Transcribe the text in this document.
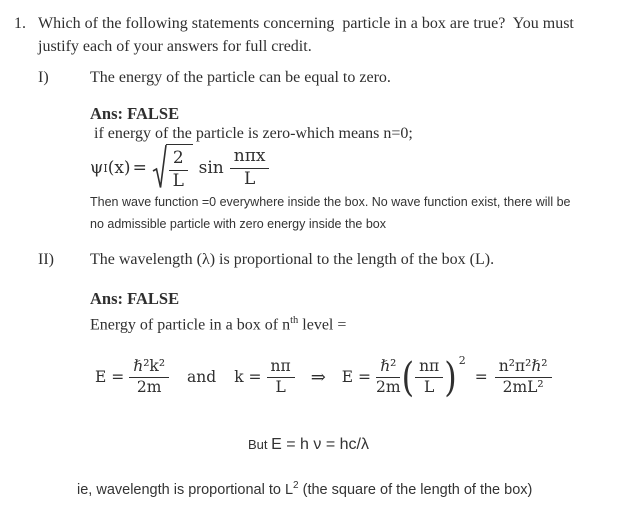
1. Which of the following statements concerning  particle in a box are true?  You must
justify each of your answers for full credit.
I)	The energy of the particle can be equal to zero.
Ans: FALSE
if energy of the particle is zero-which means n=0;
ψ I $(x) = \frac{2}{L}$ $\sin \frac{\text{nπx}}{L}$
Then wave function =0 everywhere inside the box. No wave function exist, there will be
no admissible particle with zero energy inside the box
II)	The wavelength (λ) is proportional to the length of the box (L).
Ans: FALSE
Energy of particle in a box of $n^{th}$ level =
$E = \frac{\text{ℏ²k²}}{2m}$ and $k = \frac{n\pi}{L}$ ⇒ $E = \frac{\text{ℏ²}}{2m}$ ( $\frac{n\pi}{L}$ ) 2
= $\frac{\text{n²π²ℏ²}}{\text{2mL²}}$
But E = h ν = hc/λ
ie, wavelength is proportional to $L^2$ (the square of the length of the box)
